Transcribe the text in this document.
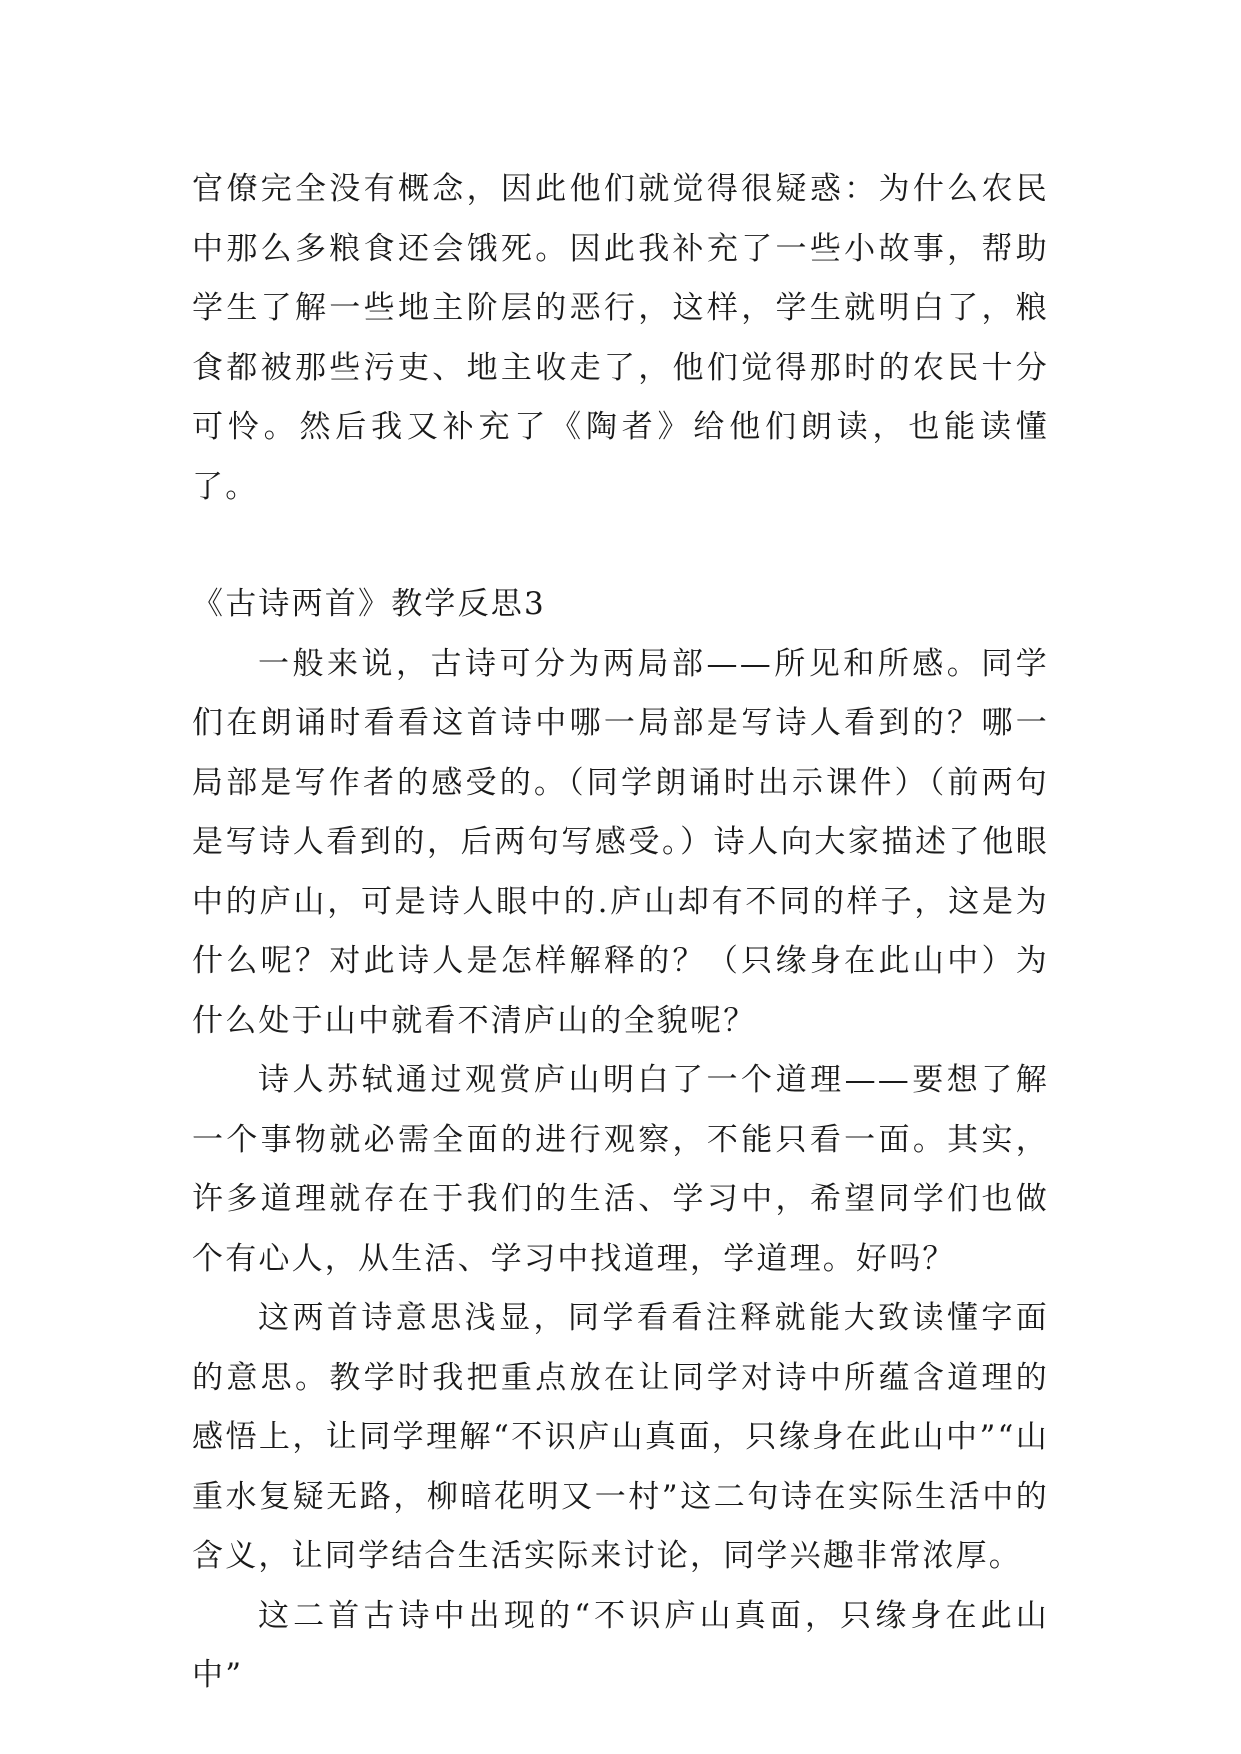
官僚完全没有概念，因此他们就觉得很疑惑：为什么农民中那么多粮食还会饿死。因此我补充了一些小故事，帮助学生了解一些地主阶层的恶行，这样，学生就明白了，粮食都被那些污吏、地主收走了，他们觉得那时的农民十分可怜。然后我又补充了《陶者》给他们朗读，也能读懂了。

《古诗两首》教学反思3

一般来说，古诗可分为两局部——所见和所感。同学们在朗诵时看看这首诗中哪一局部是写诗人看到的？哪一局部是写作者的感受的。（同学朗诵时出示课件）（前两句是写诗人看到的，后两句写感受。）诗人向大家描述了他眼中的庐山，可是诗人眼中的.庐山却有不同的样子，这是为什么呢？对此诗人是怎样解释的？（只缘身在此山中）为什么处于山中就看不清庐山的全貌呢？

诗人苏轼通过观赏庐山明白了一个道理——要想了解一个事物就必需全面的进行观察，不能只看一面。其实，许多道理就存在于我们的生活、学习中，希望同学们也做个有心人，从生活、学习中找道理，学道理。好吗？

这两首诗意思浅显，同学看看注释就能大致读懂字面的意思。教学时我把重点放在让同学对诗中所蕴含道理的感悟上，让同学理解“不识庐山真面，只缘身在此山中”“山重水复疑无路，柳暗花明又一村”这二句诗在实际生活中的含义，让同学结合生活实际来讨论，同学兴趣非常浓厚。

这二首古诗中出现的“不识庐山真面，只缘身在此山中”
